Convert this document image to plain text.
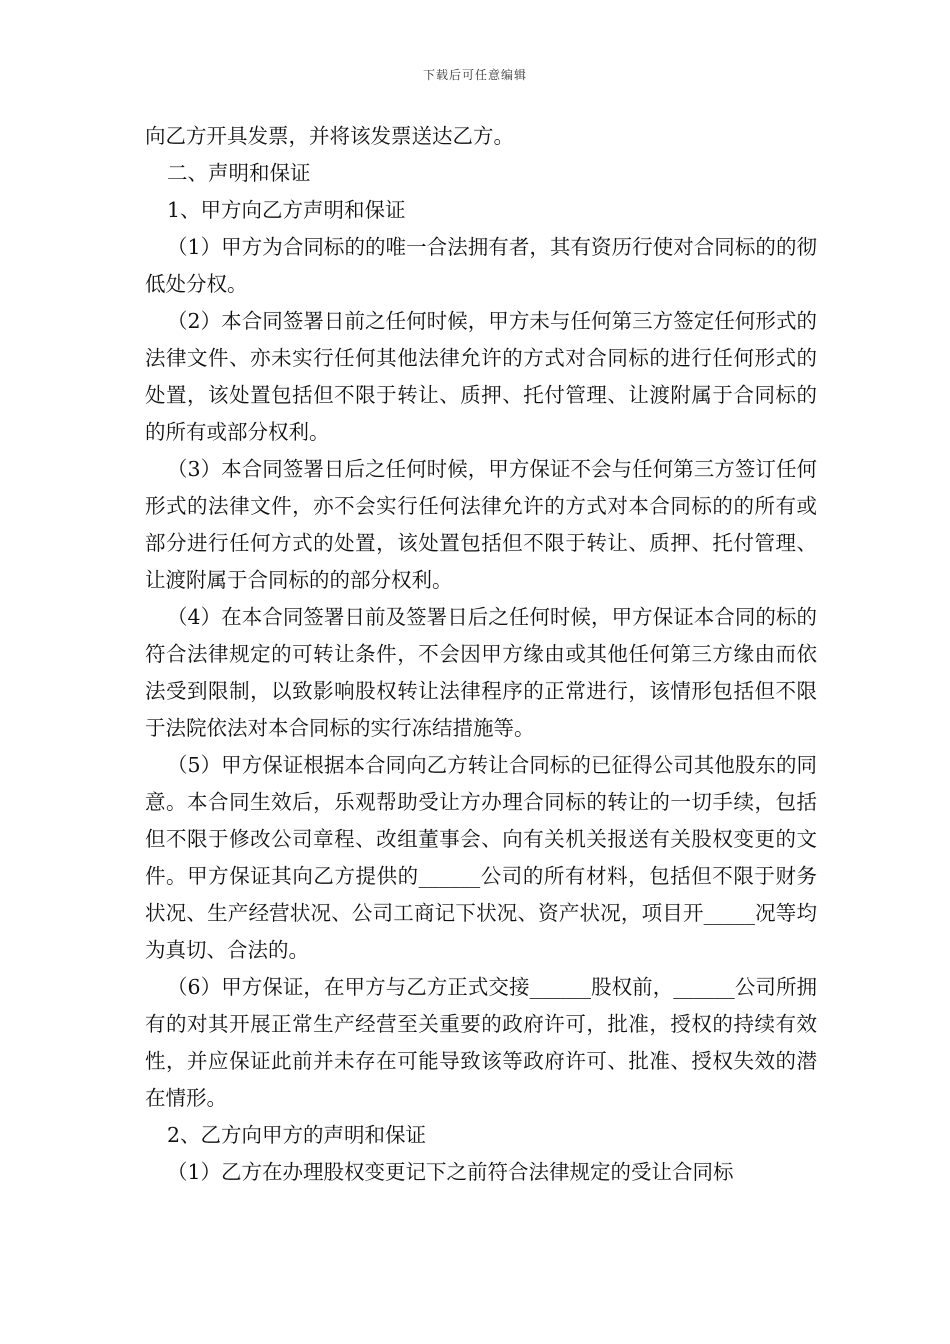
下载后可任意编辑

向乙方开具发票，并将该发票送达乙方。

二、声明和保证

1、甲方向乙方声明和保证

（1）甲方为合同标的的唯一合法拥有者，其有资历行使对合同标的的彻低处分权。

（2）本合同签署日前之任何时候，甲方未与任何第三方签定任何形式的法律文件、亦未实行任何其他法律允许的方式对合同标的进行任何形式的处置，该处置包括但不限于转让、质押、托付管理、让渡附属于合同标的的所有或部分权利。

（3）本合同签署日后之任何时候，甲方保证不会与任何第三方签订任何形式的法律文件，亦不会实行任何法律允许的方式对本合同标的的所有或部分进行任何方式的处置，该处置包括但不限于转让、质押、托付管理、让渡附属于合同标的的部分权利。

（4）在本合同签署日前及签署日后之任何时候，甲方保证本合同的标的符合法律规定的可转让条件，不会因甲方缘由或其他任何第三方缘由而依法受到限制，以致影响股权转让法律程序的正常进行，该情形包括但不限于法院依法对本合同标的实行冻结措施等。

（5）甲方保证根据本合同向乙方转让合同标的已征得公司其他股东的同意。本合同生效后，乐观帮助受让方办理合同标的转让的一切手续，包括但不限于修改公司章程、改组董事会、向有关机关报送有关股权变更的文件。甲方保证其向乙方提供的______公司的所有材料，包括但不限于财务状况、生产经营状况、公司工商记下状况、资产状况，项目开_____况等均为真切、合法的。

（6）甲方保证，在甲方与乙方正式交接______股权前，______公司所拥有的对其开展正常生产经营至关重要的政府许可，批准，授权的持续有效性，并应保证此前并未存在可能导致该等政府许可、批准、授权失效的潜在情形。

2、乙方向甲方的声明和保证

（1）乙方在办理股权变更记下之前符合法律规定的受让合同标
